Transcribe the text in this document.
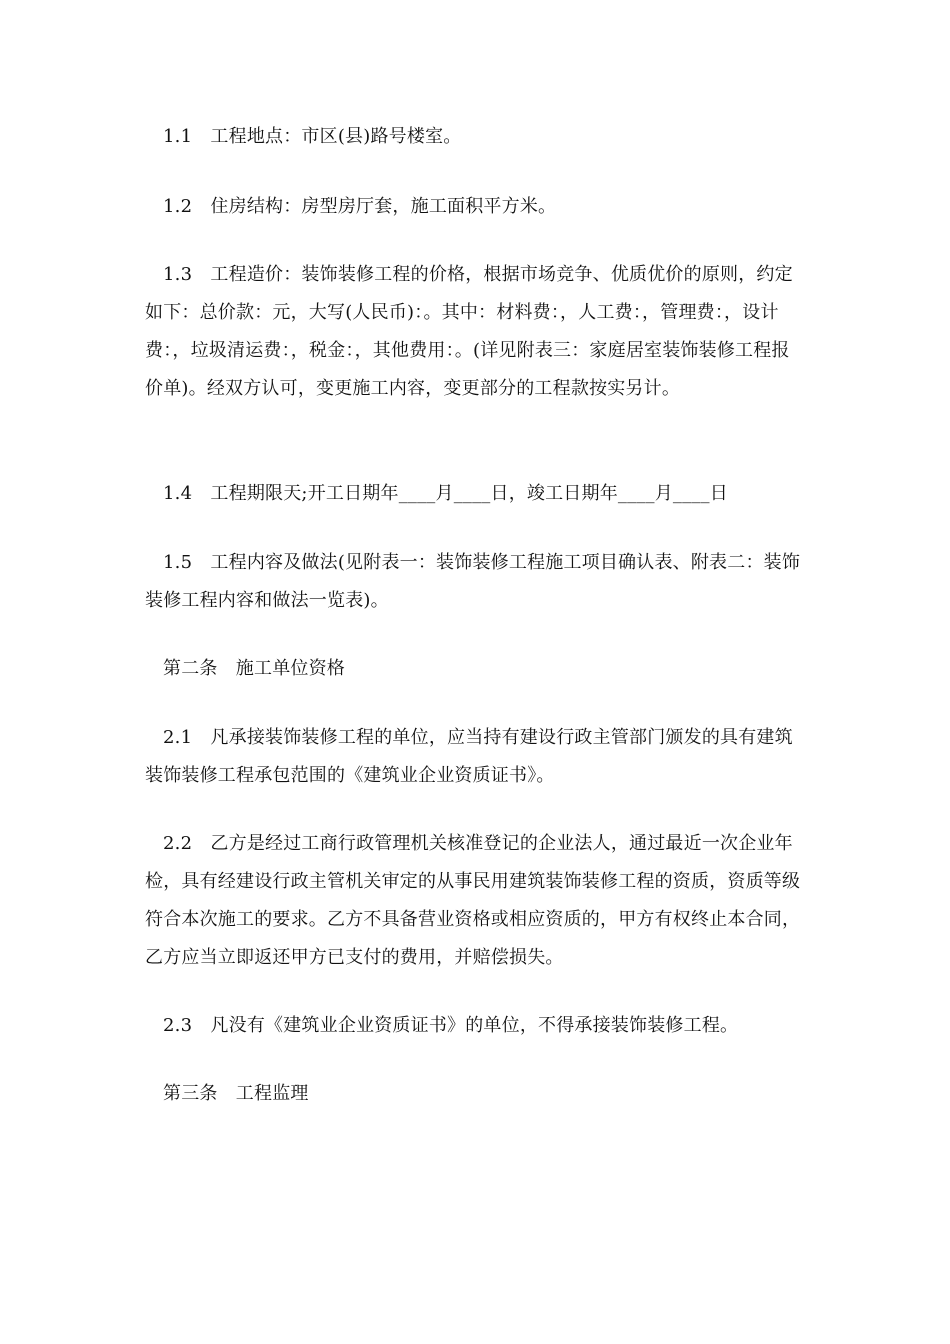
1.1　工程地点：市区(县)路号楼室。

1.2　住房结构：房型房厅套，施工面积平方米。

1.3　工程造价：装饰装修工程的价格，根据市场竞争、优质优价的原则，约定如下：总价款：元，大写(人民币)：。其中：材料费：，人工费：，管理费：，设计费：，垃圾清运费：，税金：，其他费用：。(详见附表三：家庭居室装饰装修工程报价单)。经双方认可，变更施工内容，变更部分的工程款按实另计。

1.4　工程期限天;开工日期年____月____日，竣工日期年____月____日

1.5　工程内容及做法(见附表一：装饰装修工程施工项目确认表、附表二：装饰装修工程内容和做法一览表)。

第二条　施工单位资格

2.1　凡承接装饰装修工程的单位，应当持有建设行政主管部门颁发的具有建筑装饰装修工程承包范围的《建筑业企业资质证书》。

2.2　乙方是经过工商行政管理机关核准登记的企业法人，通过最近一次企业年检，具有经建设行政主管机关审定的从事民用建筑装饰装修工程的资质，资质等级符合本次施工的要求。乙方不具备营业资格或相应资质的，甲方有权终止本合同，乙方应当立即返还甲方已支付的费用，并赔偿损失。

2.3　凡没有《建筑业企业资质证书》的单位，不得承接装饰装修工程。

第三条　工程监理
